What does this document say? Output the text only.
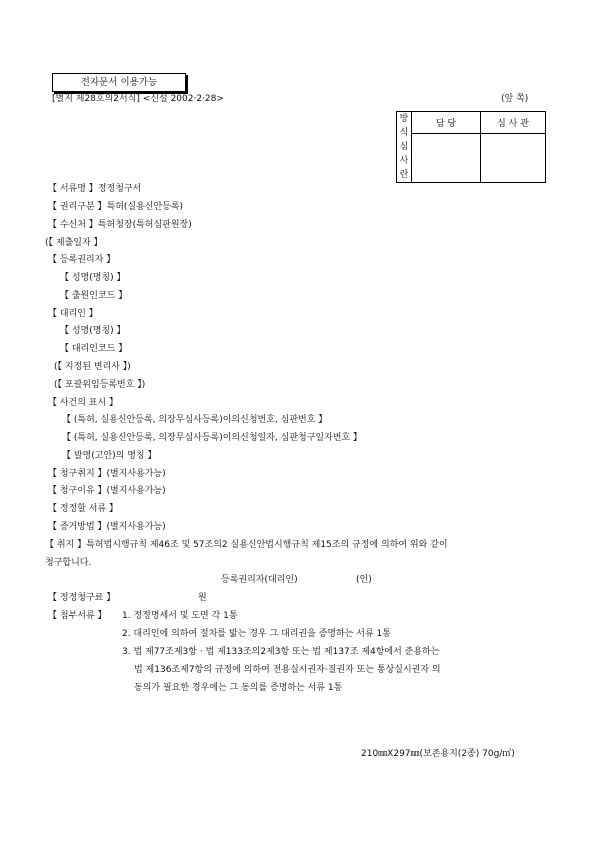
전자문서 이용가능
[별지 제28호의2서식] <신설 2002·2·28>	(앞 쪽)
방
식
심
사
란	담 당	심 사 관

【 서류명 】정정청구서
【 권리구분 】특허(실용신안등록)
【 수신처 】특허청장(특허심판원장)
(【 제출일자 】
【 등록권리자 】
【 성명(명칭) 】
【 출원인코드 】
【 대리인 】
【 성명(명칭) 】
【 대리인코드 】
(【 지정된 변리사 】)
(【 포괄위임등록번호 】)
【 사건의 표시 】
【 (특허, 실용신안등록, 의장무심사등록)이의신청번호, 심판번호 】
【 (특허, 실용신안등록, 의장무심사등록)이의신청일자, 심판청구일자번호 】
【 발명(고안)의 명칭 】
【 청구취지 】(별지사용가능)
【 청구이유 】(별지사용가능)
【 정정할 서류 】
【 증거방법 】(별지사용가능)
【 취지 】특허법시행규칙 제46조 및 57조의2 실용신안법시행규칙 제15조의 규정에 의하여 위와 같이
청구합니다.
등록권리자(대리인)	(인)
【 정정청구료 】	원
【 첨부서류 】 1. 정정명세서 및 도면 각 1통
2. 대리인에 의하여 절차를 밟는 경우 그 대리권을 증명하는 서류 1통
3. 법 제77조제3항 · 법 제133조의2제3항 또는 법 제137조 제4항에서 준용하는
법 제136조제7항의 규정에 의하여 전용실시권자·질권자 또는 통상실시권자 의
동의가 필요한 경우에는 그 동의를 증명하는 서류 1통
210㎜X297㎜(보존용지(2종) 70g/㎡)
